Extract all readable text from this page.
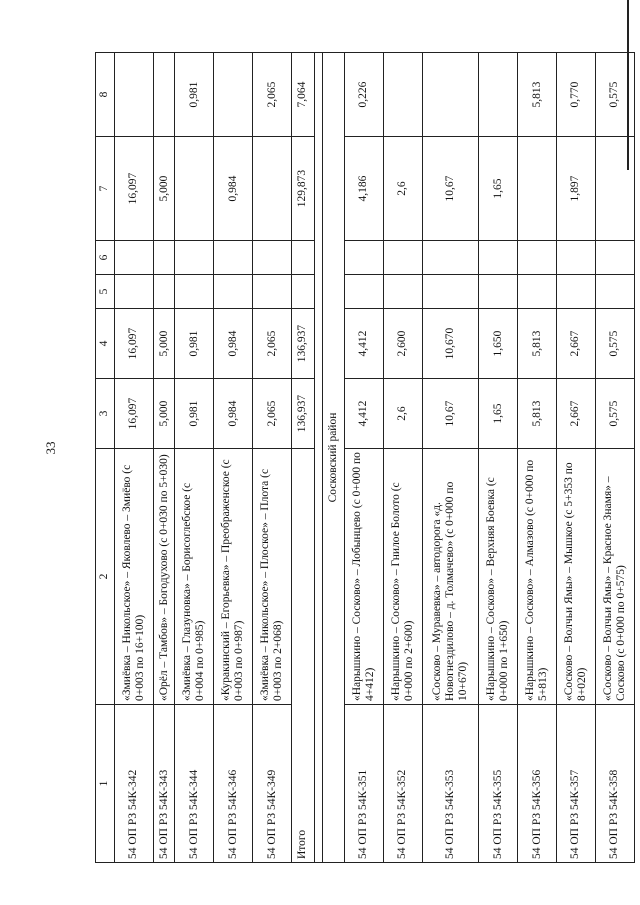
33
1	2	3	4	5	6	7	8
54 ОП РЗ 54К-342	«Змиёвка – Никольское» – Яковлево – Змиёво (с 0+003 по 16+100)	16,097	16,097			16,097	
54 ОП РЗ 54К-343	«Орёл – Тамбов» – Богодухово (с 0+030 по 5+030)	5,000	5,000			5,000	
54 ОП РЗ 54К-344	«Змиёвка – Глазуновка» – Борисоглебское (с 0+004 по 0+985)	0,981	0,981				0,981
54 ОП РЗ 54К-346	«Куракинский – Егорьевка» – Преображенское (с 0+003 по 0+987)	0,984	0,984			0,984	
54 ОП РЗ 54К-349	«Змиёвка – Никольское» – Плоское» – Плота (с 0+003 по 2+068)	2,065	2,065				2,065
Итого		136,937	136,937			129,873	7,064

Сосковский район							
54 ОП РЗ 54К-351	«Нарышкино – Сосково» – Лобынцево (с 0+000 по 4+412)	4,412	4,412			4,186	0,226
54 ОП РЗ 54К-352	«Нарышкино – Сосково» – Гнилое Болото (с 0+000 по 2+600)	2,6	2,600			2,6	
54 ОП РЗ 54К-353	«Сосково – Муравевка» – автодорога «д. Новогнездилово – д. Толмачево» (с 0+000 по 10+670)	10,67	10,670			10,67	
54 ОП РЗ 54К-355	«Нарышкино – Сосково» – Верхняя Боевка (с 0+000 по 1+650)	1,65	1,650			1,65	
54 ОП РЗ 54К-356	«Нарышкино – Сосково» – Алмазово (с 0+000 по 5+813)	5,813	5,813				5,813
54 ОП РЗ 54К-357	«Сосково – Волчьи Ямы» – Мышкое (с 5+353 по 8+020)	2,667	2,667			1,897	0,770
54 ОП РЗ 54К-358	«Сосково – Волчьи Ямы» – Красное Знамя» – Сосково (с 0+000 по 0+575)	0,575	0,575				0,575
